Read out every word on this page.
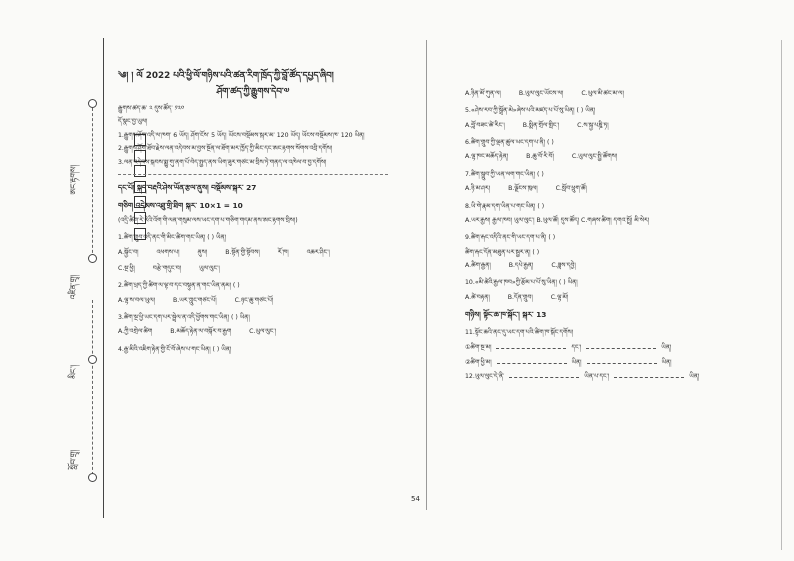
ཨང་རྟགས།
འཛིན་གྲྭ།
མིང་།
སློབ་གྲྭ།
༄། ། ལོ 2022 པའི་ཕྱི་ལོ་གཉིས་པའི་ཚན་རིག་ཁྲོད་ཀྱི་བློ་ཚོད་དཔྱད་ཞིབ།
ཤོག་ཚད་ཀྱི་རྒྱུགས་དེབ་༧
རྒྱུགས་ཚད་ཆ་ ༢ དུས་ཚོད་ ༡༢༠
དོ་སྣང་བྱ་ཡུལ།
1.རྒྱུགས་ཤོག་འདི་ལ་ཁག་ 6 ཡོད། ཤོག་ངོས་ 5 ཡོད། ཡོངས་བསྡོམས་སྐར་མ་ 120 ཡོད། ཡོངས་བསྡོམས་ཁ་ 120 ཡིན།
2.རྒྱུགས་ཤོག་ཐོབ་རྗེས་ལན་འདེབས་མ་བྱས་སྔོན་ལ་ཐོག་མར་ཁྱོད་ཀྱི་མིང་དང་ཨང་རྟགས་སོགས་འབྲི་དགོས།
3.ལན་འདེབས་སྐབས་སྨྱུ་གུ་ནག་པོ་བེད་སྤྱད་ནས་ཡིག་ཟུར་གཙང་མ་བྲིས་ཏེ་གནད་ལ་འཁེལ་བ་བྱ་དགོས།
དང་པོ། སྐད་བརྡའི་ཤེས་ཡོན་རྩལ་ནུས། བསྡོམས་སྐར་ 27
གཅིག འདེམས་འཐུ་གྲི་ཐིག སྐར་ 10×1 = 10
(འདྲི་ཚིག་རེ་རེའི་འོག་གི་ལན་གསུམ་ལས་ཡང་དག་པ་གཅིག་གདམ་ནས་ཨང་རྟགས་བྲིས།)
1.ཚིག་གྲུབ་འདི་ནང་གི་མིང་ཚིག་གང་ཡིན། ( ) ཡིན།
A.སྐྱོང་བ།	འཕགས་པ།	ནུས།	B.སྟོན་གྱི་སྟོབས།	རོ་ཁ།	འཆར་ཤིང་།
C.སྔ་ཕྱི།	བརྩེ་གདུང་བ།	ཡུལ་ལུང་།
2.ཚིག་ཕྲད་ཀྱི་ཚིག་ལ་ལྟ་བ་དང་བསྟུན་ན་གང་ཡིན་ནམ། ( )
A.ལྷ་ས་བལ་ཡུལ།	B.ཡར་ཀླུང་གཙང་པོ།	C.ཉང་ཆུ་གཙང་པོ།
3.ཚིག་སྔ་ཕྱི་ཡང་དག་པར་སྦྲེལ་ན་འདི་ཕྱོགས་གང་ཡིན། ( ) ཡིན།
A.ཀྱི་འགྲེལ་ཚིག	B.མཆོད་རྟེན་ལ་བསྐོར་བ་རྒྱག	C.ཡུལ་ལུང་།
4.རྒྱ་མིའི་འཇིག་རྟེན་གྱི་ངོ་བོ་ཞེས་པ་གང་ཡིན། ( ) ཡིན།
A.ཉིན་མོ་ཀུན་ལ།	B.ཡུལ་ལུང་ཡོངས་ལ།	C.ཡུལ་མི་ཚང་མ་ལ།
5.«ཤེས་རབ་ཀྱི་སྒྲོན་མེ»ཞེས་པའི་མཛད་པ་པོ་སུ་ཡིན། ( ) ཡིན།
A.བློ་བཟང་ཚེ་རིང་།	B.སྨིན་གྲོལ་གླིང་།	C.ས་སྐྱ་པཎྜི་ཏ།
6.ཚིག་གྲུབ་ཀྱི་ལྡན་ཚུལ་ཡང་དག་པ་ནི། ( )
A.ལྷ་ཁང་མཆོད་རྟེན།	B.ཆུ་བོ་རི་བོ།	C.ཡུལ་ལུང་སྤྱི་ཚོགས།
7.ཚིག་སྒྲུབ་ཀྱི་ཡན་ལག་གང་ཡིན། ( )
A.ཉི་མ་ཤར།	B.ལྗོངས་ཁུལ།	C.སློབ་ཕྲུག་ཚོ།
8.ཡི་གེ་རྣམ་དག་ཡིན་པ་གང་ཡིན། ( )
A.ཡར་རྒྱས། རྒྱལ་ཁབ། ཡུལ་ལུང་། B.ཡུལ་ཚོ། དུས་ཚོད། C.གཞས་ཚིག། དགའ་སྤྲོ། མི་སེར།
9.ཚིག་རྐང་འདིའི་ནང་གི་ཡང་དག་པ་ནི། ( )
ཚིག་རྐང་དོན་མཐུན་པར་སྦྱར་ན། ( )
A.ཚིག་རྒྱན།	B.དཔེ་རྒྱན།	C.ཟླས་དབྱེ།
10.«མི་ཚེའི་རྒྱལ་ཁབ»ཀྱི་རྩོམ་པ་པོ་སུ་ཡིན། ( ) ཡིན།
A.ཚེ་བརྟན།	B.དོན་གྲུབ།	C.ལྷ་མོ།
གཉིས། སྟོང་ཆ་ཁ་སྐོང་། སྐར་ 13
11.སྟོང་ཆའི་ནང་དུ་ཡང་དག་པའི་ཚིག་ཁ་སྐོང་དགོས།
①ཚིག་སྔ་མ།	དང་།	ཡིན།
②ཚིག་ཕྱི་མ།	ཡིན།	ཡིན།
12.ཡུལ་ལུང་དེ་ནི་	ཡིན་པ་དང་།	ཡིན།
54
